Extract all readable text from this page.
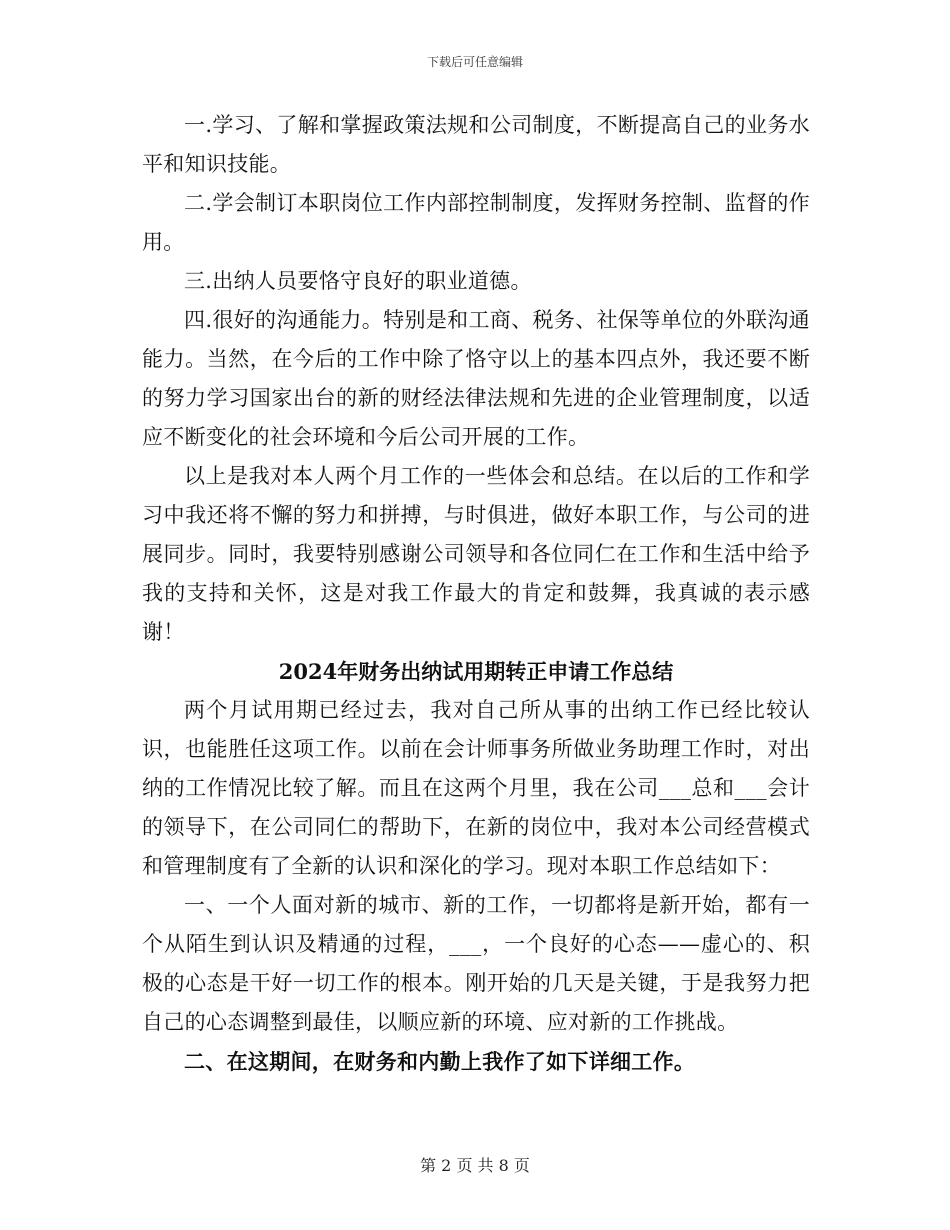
下载后可任意编辑

一.学习、了解和掌握政策法规和公司制度，不断提高自己的业务水平和知识技能。

二.学会制订本职岗位工作内部控制制度，发挥财务控制、监督的作用。

三.出纳人员要恪守良好的职业道德。

四.很好的沟通能力。特别是和工商、税务、社保等单位的外联沟通能力。当然，在今后的工作中除了恪守以上的基本四点外，我还要不断的努力学习国家出台的新的财经法律法规和先进的企业管理制度，以适应不断变化的社会环境和今后公司开展的工作。

以上是我对本人两个月工作的一些体会和总结。在以后的工作和学习中我还将不懈的努力和拼搏，与时俱进，做好本职工作，与公司的进展同步。同时，我要特别感谢公司领导和各位同仁在工作和生活中给予我的支持和关怀，这是对我工作最大的肯定和鼓舞，我真诚的表示感谢！

2024年财务出纳试用期转正申请工作总结

两个月试用期已经过去，我对自己所从事的出纳工作已经比较认识，也能胜任这项工作。以前在会计师事务所做业务助理工作时，对出纳的工作情况比较了解。而且在这两个月里，我在公司___总和___会计的领导下，在公司同仁的帮助下，在新的岗位中，我对本公司经营模式和管理制度有了全新的认识和深化的学习。现对本职工作总结如下：

一、一个人面对新的城市、新的工作，一切都将是新开始，都有一个从陌生到认识及精通的过程，___，一个良好的心态——虚心的、积极的心态是干好一切工作的根本。刚开始的几天是关键，于是我努力把自己的心态调整到最佳，以顺应新的环境、应对新的工作挑战。

二、在这期间，在财务和内勤上我作了如下详细工作。

第 2 页 共 8 页
